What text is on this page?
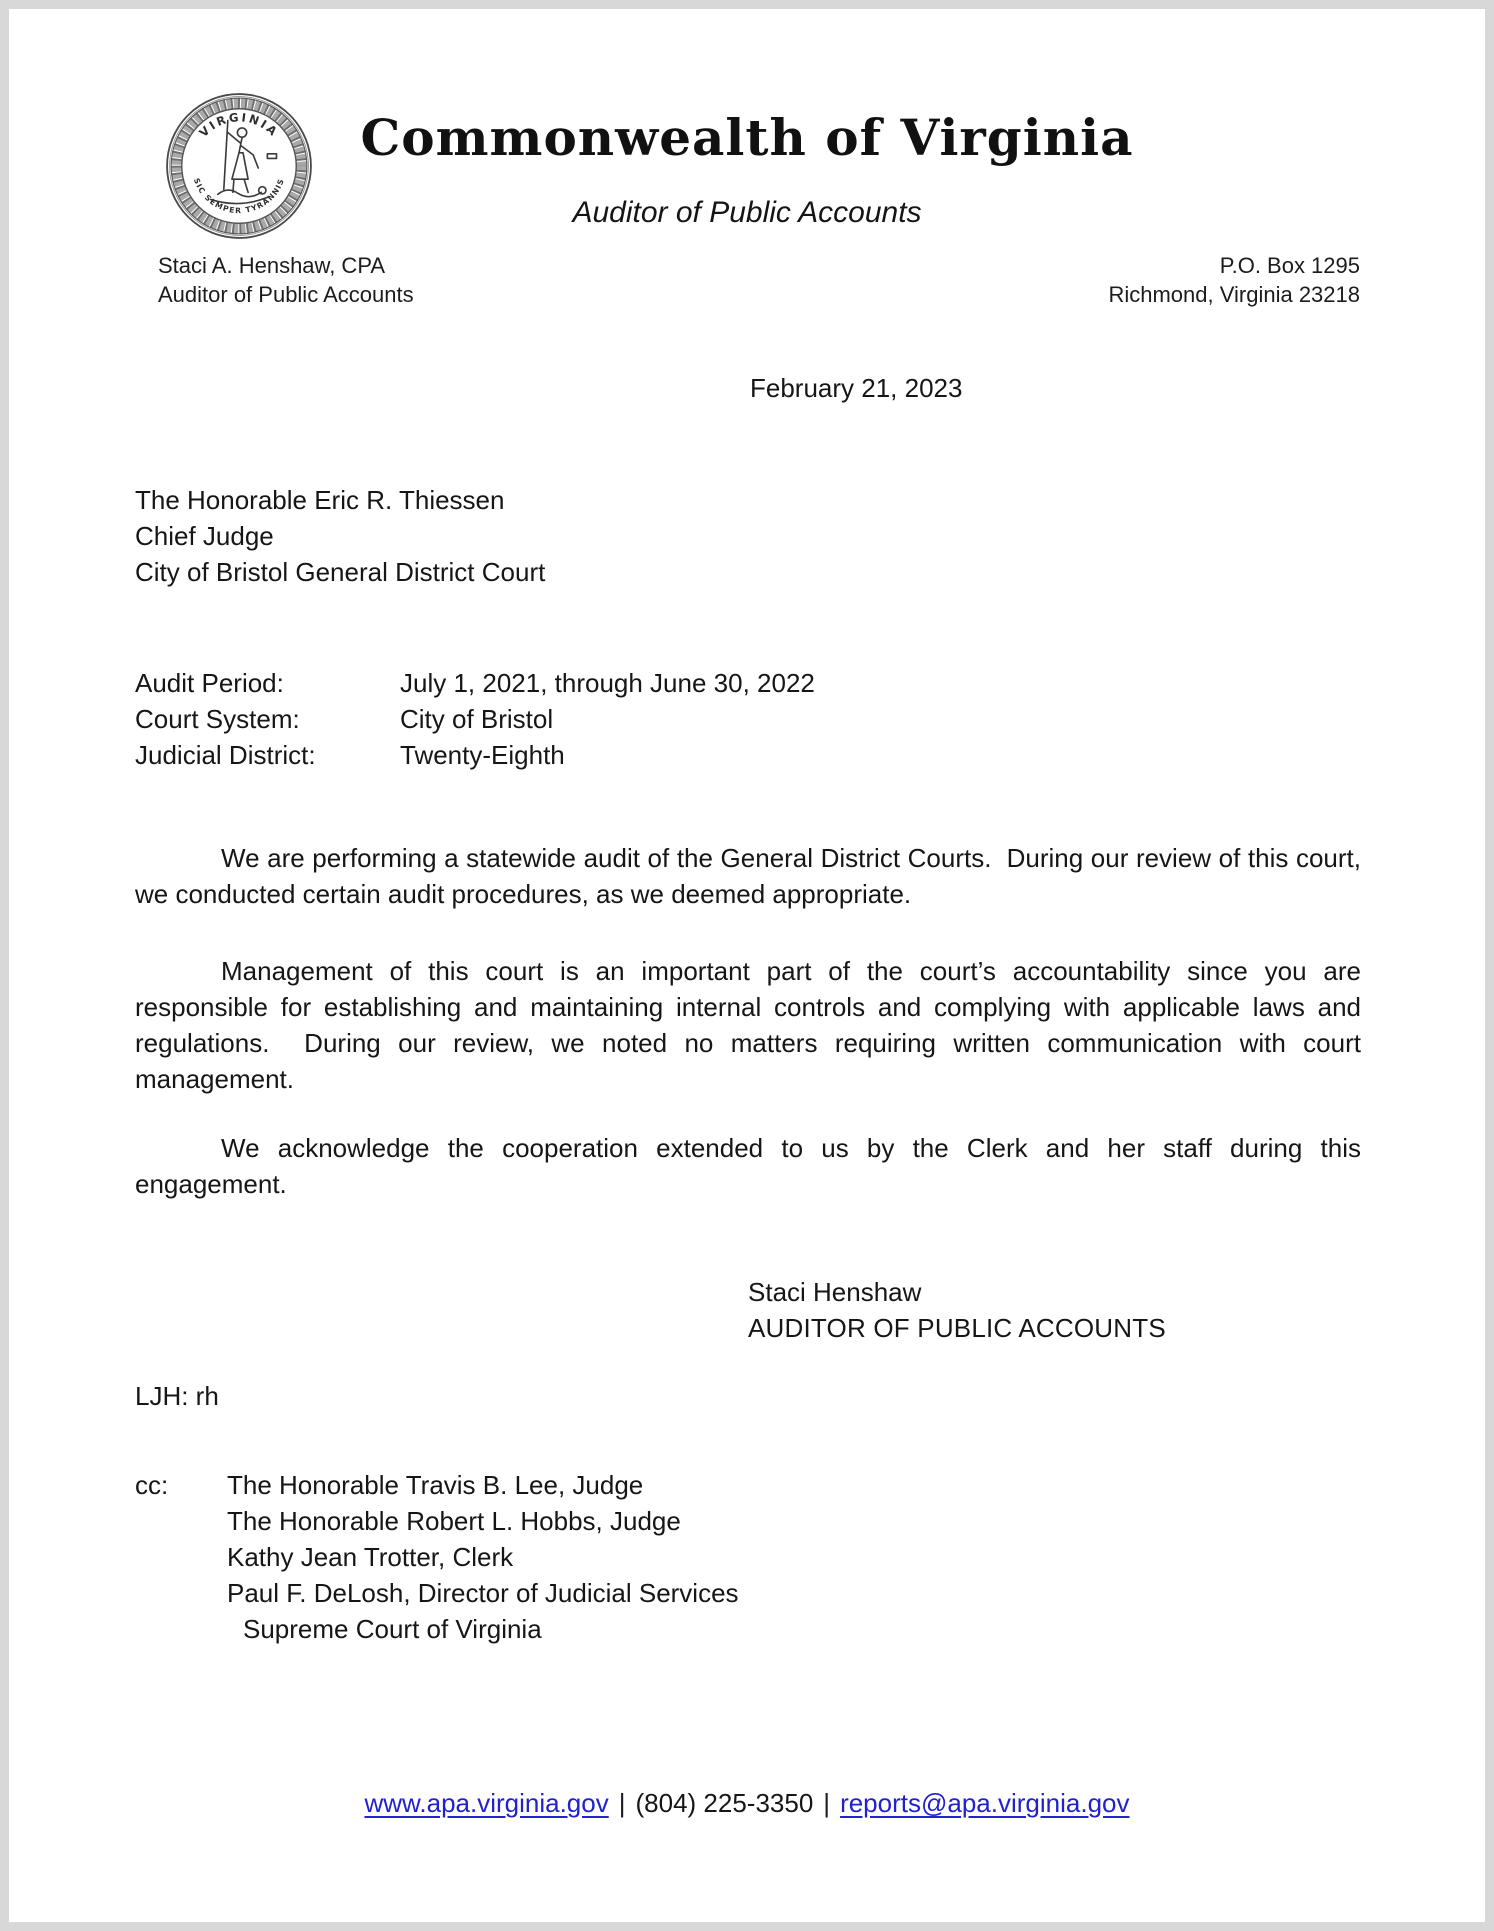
VIRGINIA
SIC SEMPER TYRANNIS
Commonwealth of Virginia
Auditor of Public Accounts
Staci A. Henshaw, CPA
Auditor of Public Accounts
P.O. Box 1295
Richmond, Virginia 23218
February 21, 2023
The Honorable Eric R. Thiessen
Chief Judge
City of Bristol General District Court
Audit Period:	July 1, 2021, through June 30, 2022
Court System:	City of Bristol
Judicial District:	Twenty-Eighth

We are performing a statewide audit of the General District Courts.  During our review of this court, we conducted certain audit procedures, as we deemed appropriate.

Management of this court is an important part of the court’s accountability since you are responsible for establishing and maintaining internal controls and complying with applicable laws and regulations.  During our review, we noted no matters requiring written communication with court management.

We acknowledge the cooperation extended to us by the Clerk and her staff during this engagement.

Staci Henshaw
AUDITOR OF PUBLIC ACCOUNTS
LJH: rh
cc:	The Honorable Travis B. Lee, Judge
The Honorable Robert L. Hobbs, Judge
Kathy Jean Trotter, Clerk
Paul F. DeLosh, Director of Judicial Services
Supreme Court of Virginia
www.apa.virginia.gov | (804) 225-3350 | reports@apa.virginia.gov
